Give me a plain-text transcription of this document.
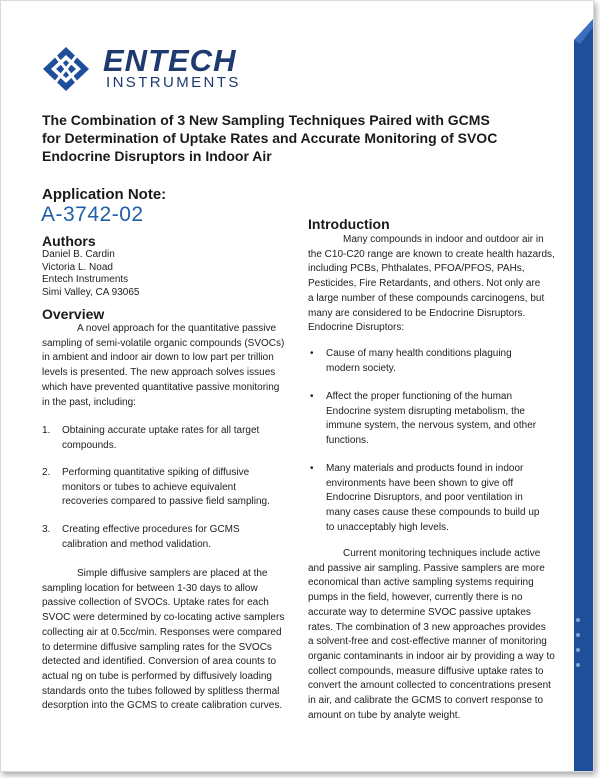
ENTECH
INSTRUMENTS
The Combination of 3 New Sampling Techniques Paired with GCMS
for Determination of Uptake Rates and Accurate Monitoring of SVOC
Endocrine Disruptors in Indoor Air
Application Note:
A-3742-02
Authors
Daniel B. Cardin
Victoria L. Noad
Entech Instruments
Simi Valley, CA 93065
Overview
A novel approach for the quantitative passive
sampling of semi-volatile organic compounds (SVOCs)
in ambient and indoor air down to low part per trillion
levels is presented. The new approach solves issues
which have prevented quantitative passive monitoring
in the past, including:
1. Obtaining accurate uptake rates for all target
compounds.
2. Performing quantitative spiking of diffusive
monitors or tubes to achieve equivalent
recoveries compared to passive field sampling.
3. Creating effective procedures for GCMS
calibration and method validation.
Simple diffusive samplers are placed at the
sampling location for between 1-30 days to allow
passive collection of SVOCs. Uptake rates for each
SVOC were determined by co-locating active samplers
collecting air at 0.5cc/min. Responses were compared
to determine diffusive sampling rates for the SVOCs
detected and identified. Conversion of area counts to
actual ng on tube is performed by diffusively loading
standards onto the tubes followed by splitless thermal
desorption into the GCMS to create calibration curves.
Introduction
Many compounds in indoor and outdoor air in
the C10-C20 range are known to create health hazards,
including PCBs, Phthalates, PFOA/PFOS, PAHs,
Pesticides, Fire Retardants, and others. Not only are
a large number of these compounds carcinogens, but
many are considered to be Endocrine Disruptors.
Endocrine Disruptors:
• Cause of many health conditions plaguing
modern society.
• Affect the proper functioning of the human
Endocrine system disrupting metabolism, the
immune system, the nervous system, and other
functions.
• Many materials and products found in indoor
environments have been shown to give off
Endocrine Disruptors, and poor ventilation in
many cases cause these compounds to build up
to unacceptably high levels.
Current monitoring techniques include active
and passive air sampling. Passive samplers are more
economical than active sampling systems requiring
pumps in the field, however, currently there is no
accurate way to determine SVOC passive uptakes
rates. The combination of 3 new approaches provides
a solvent-free and cost-effective manner of monitoring
organic contaminants in indoor air by providing a way to
collect compounds, measure diffusive uptake rates to
convert the amount collected to concentrations present
in air, and calibrate the GCMS to convert response to
amount on tube by analyte weight.
